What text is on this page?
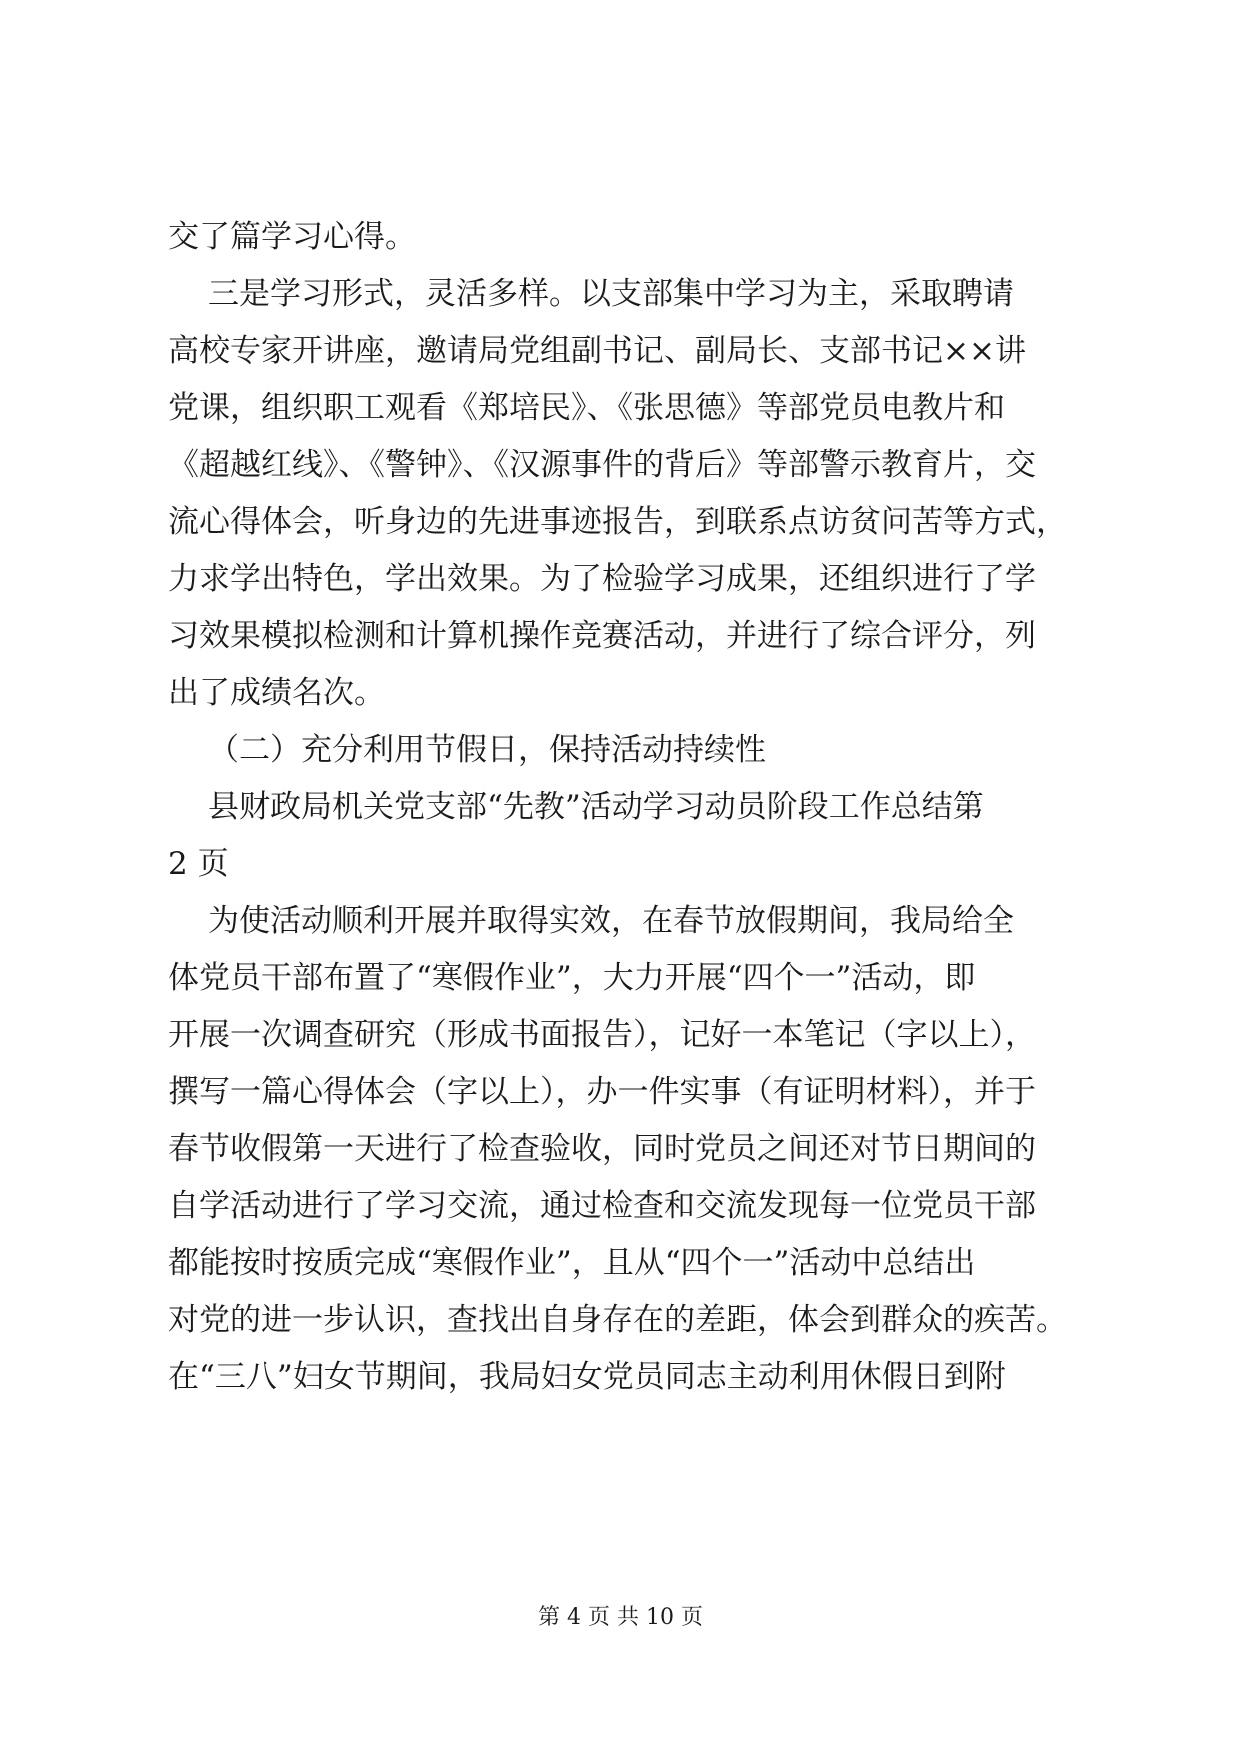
交了篇学习心得。
三是学习形式，灵活多样。以支部集中学习为主，采取聘请
高校专家开讲座，邀请局党组副书记、副局长、支部书记××讲
党课，组织职工观看《郑培民》、《张思德》等部党员电教片和
《超越红线》、《警钟》、《汉源事件的背后》等部警示教育片，交
流心得体会，听身边的先进事迹报告，到联系点访贫问苦等方式，
力求学出特色，学出效果。为了检验学习成果，还组织进行了学
习效果模拟检测和计算机操作竞赛活动，并进行了综合评分，列
出了成绩名次。
（二）充分利用节假日，保持活动持续性
县财政局机关党支部“先教”活动学习动员阶段工作总结第
2 页
为使活动顺利开展并取得实效，在春节放假期间，我局给全
体党员干部布置了“寒假作业”，大力开展“四个一”活动，即
开展一次调查研究（形成书面报告），记好一本笔记（字以上），
撰写一篇心得体会（字以上），办一件实事（有证明材料），并于
春节收假第一天进行了检查验收，同时党员之间还对节日期间的
自学活动进行了学习交流，通过检查和交流发现每一位党员干部
都能按时按质完成“寒假作业”，且从“四个一”活动中总结出
对党的进一步认识，查找出自身存在的差距，体会到群众的疾苦。
在“三八”妇女节期间，我局妇女党员同志主动利用休假日到附
第 4 页 共 10 页
